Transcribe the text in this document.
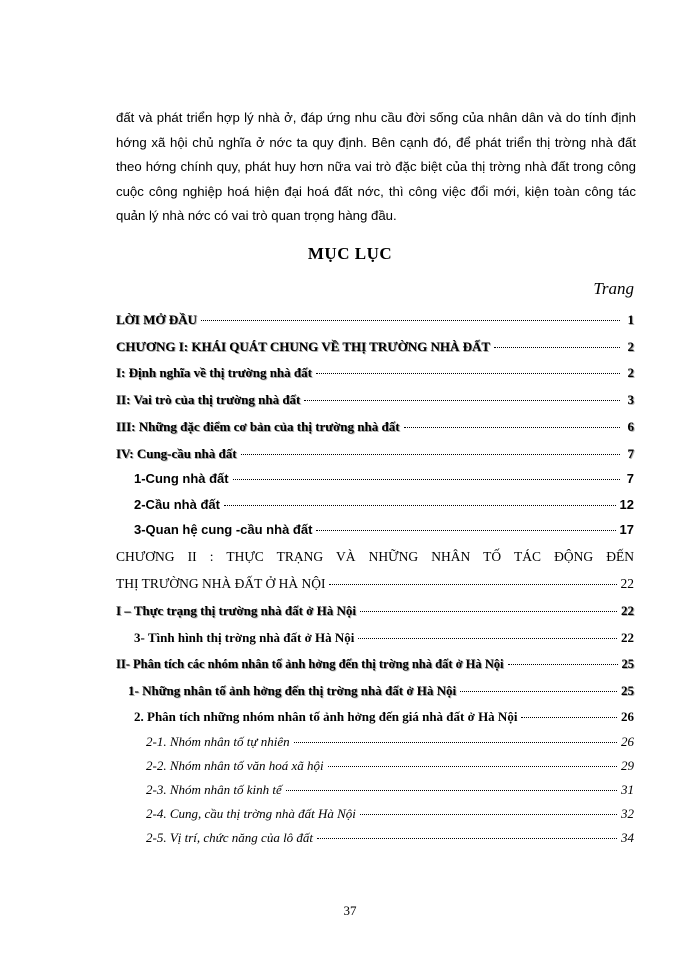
đất và phát triển hợp lý nhà ở, đáp ứng nhu cầu đời sống của nhân dân và do tính định hớng xã hội chủ nghĩa ở nớc ta quy định. Bên cạnh đó, để phát triển thị trờng nhà đất theo hớng chính quy, phát huy hơn nữa vai trò đặc biệt của thị trờng nhà đất trong công cuộc công nghiệp hoá hiện đại hoá đất nớc, thì công việc đổi mới, kiện toàn công tác quản lý nhà nớc có vai trò quan trọng hàng đầu.

MỤC LỤC

Trang

LỜI MỞ ĐẦU	1
CHƯƠNG I: KHÁI QUÁT CHUNG VỀ THỊ TRƯỜNG NHÀ ĐẤT	2
I: Định nghĩa về thị trường nhà đất	2
II: Vai trò của thị trường nhà đất	3
III: Những đặc điểm cơ bản của thị trường nhà đất	6
IV: Cung-cầu nhà đất	7
1-Cung nhà đất	7
2-Cầu nhà đất	12
3-Quan hệ cung -cầu nhà đất	17

CHƯƠNG II : THỰC TRẠNG VÀ NHỮNG NHÂN TỐ TÁC ĐỘNG ĐẾN

THỊ TRƯỜNG NHÀ ĐẤT Ở HÀ NỘI	22
I – Thực trạng thị trường nhà đất ở Hà Nội	22
3- Tình hình thị trờng nhà đất ở Hà Nội	22
II- Phân tích các nhóm nhân tố ảnh hởng đến thị trờng nhà đất ở Hà Nội	25
1- Những nhân tố ảnh hởng đến thị trờng nhà đất ở Hà Nội	25
2. Phân tích những nhóm nhân tố ảnh hởng đến giá nhà đất ở Hà Nội	26
2-1. Nhóm nhân tố tự nhiên	26
2-2. Nhóm nhân tố văn hoá xã hội	29
2-3. Nhóm nhân tố kinh tế	31
2-4. Cung, cầu thị trờng nhà đất Hà Nội	32
2-5. Vị trí, chức năng của lô đất	34

37
